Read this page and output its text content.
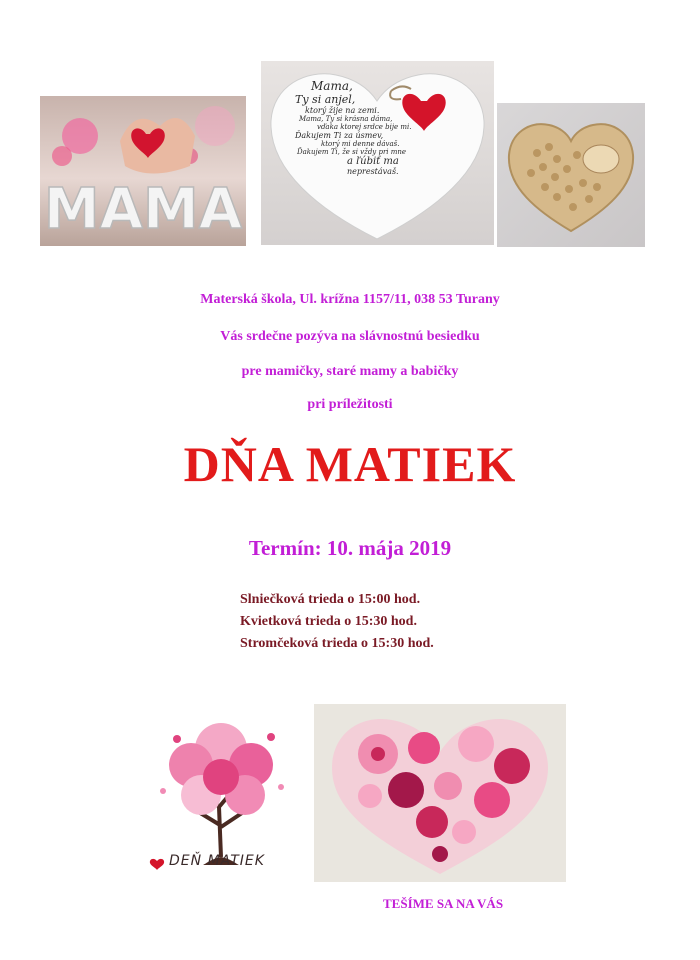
MAMA
Mama,
Ty si anjel,
ktorý žije na zemi.
Mama, Ty si krásna dáma,
vďaka ktorej srdce bije mi.
Ďakujem Ti za úsmev,
ktorý mi denne dávaš.
Ďakujem Ti, že si vždy pri mne
a ľúbiť ma
neprestávaš.
Materská škola, Ul. krížna 1157/11, 038 53 Turany
Vás srdečne pozýva na slávnostnú besiedku
pre mamičky, staré mamy a babičky
pri príležitosti
DŇA MATIEK
Termín: 10. mája 2019
Slniečková trieda o 15:00 hod.
Kvietková trieda o 15:30 hod.
Stromčeková trieda o 15:30 hod.
DEŇ MATIEK
TEŠÍME SA NA VÁS
